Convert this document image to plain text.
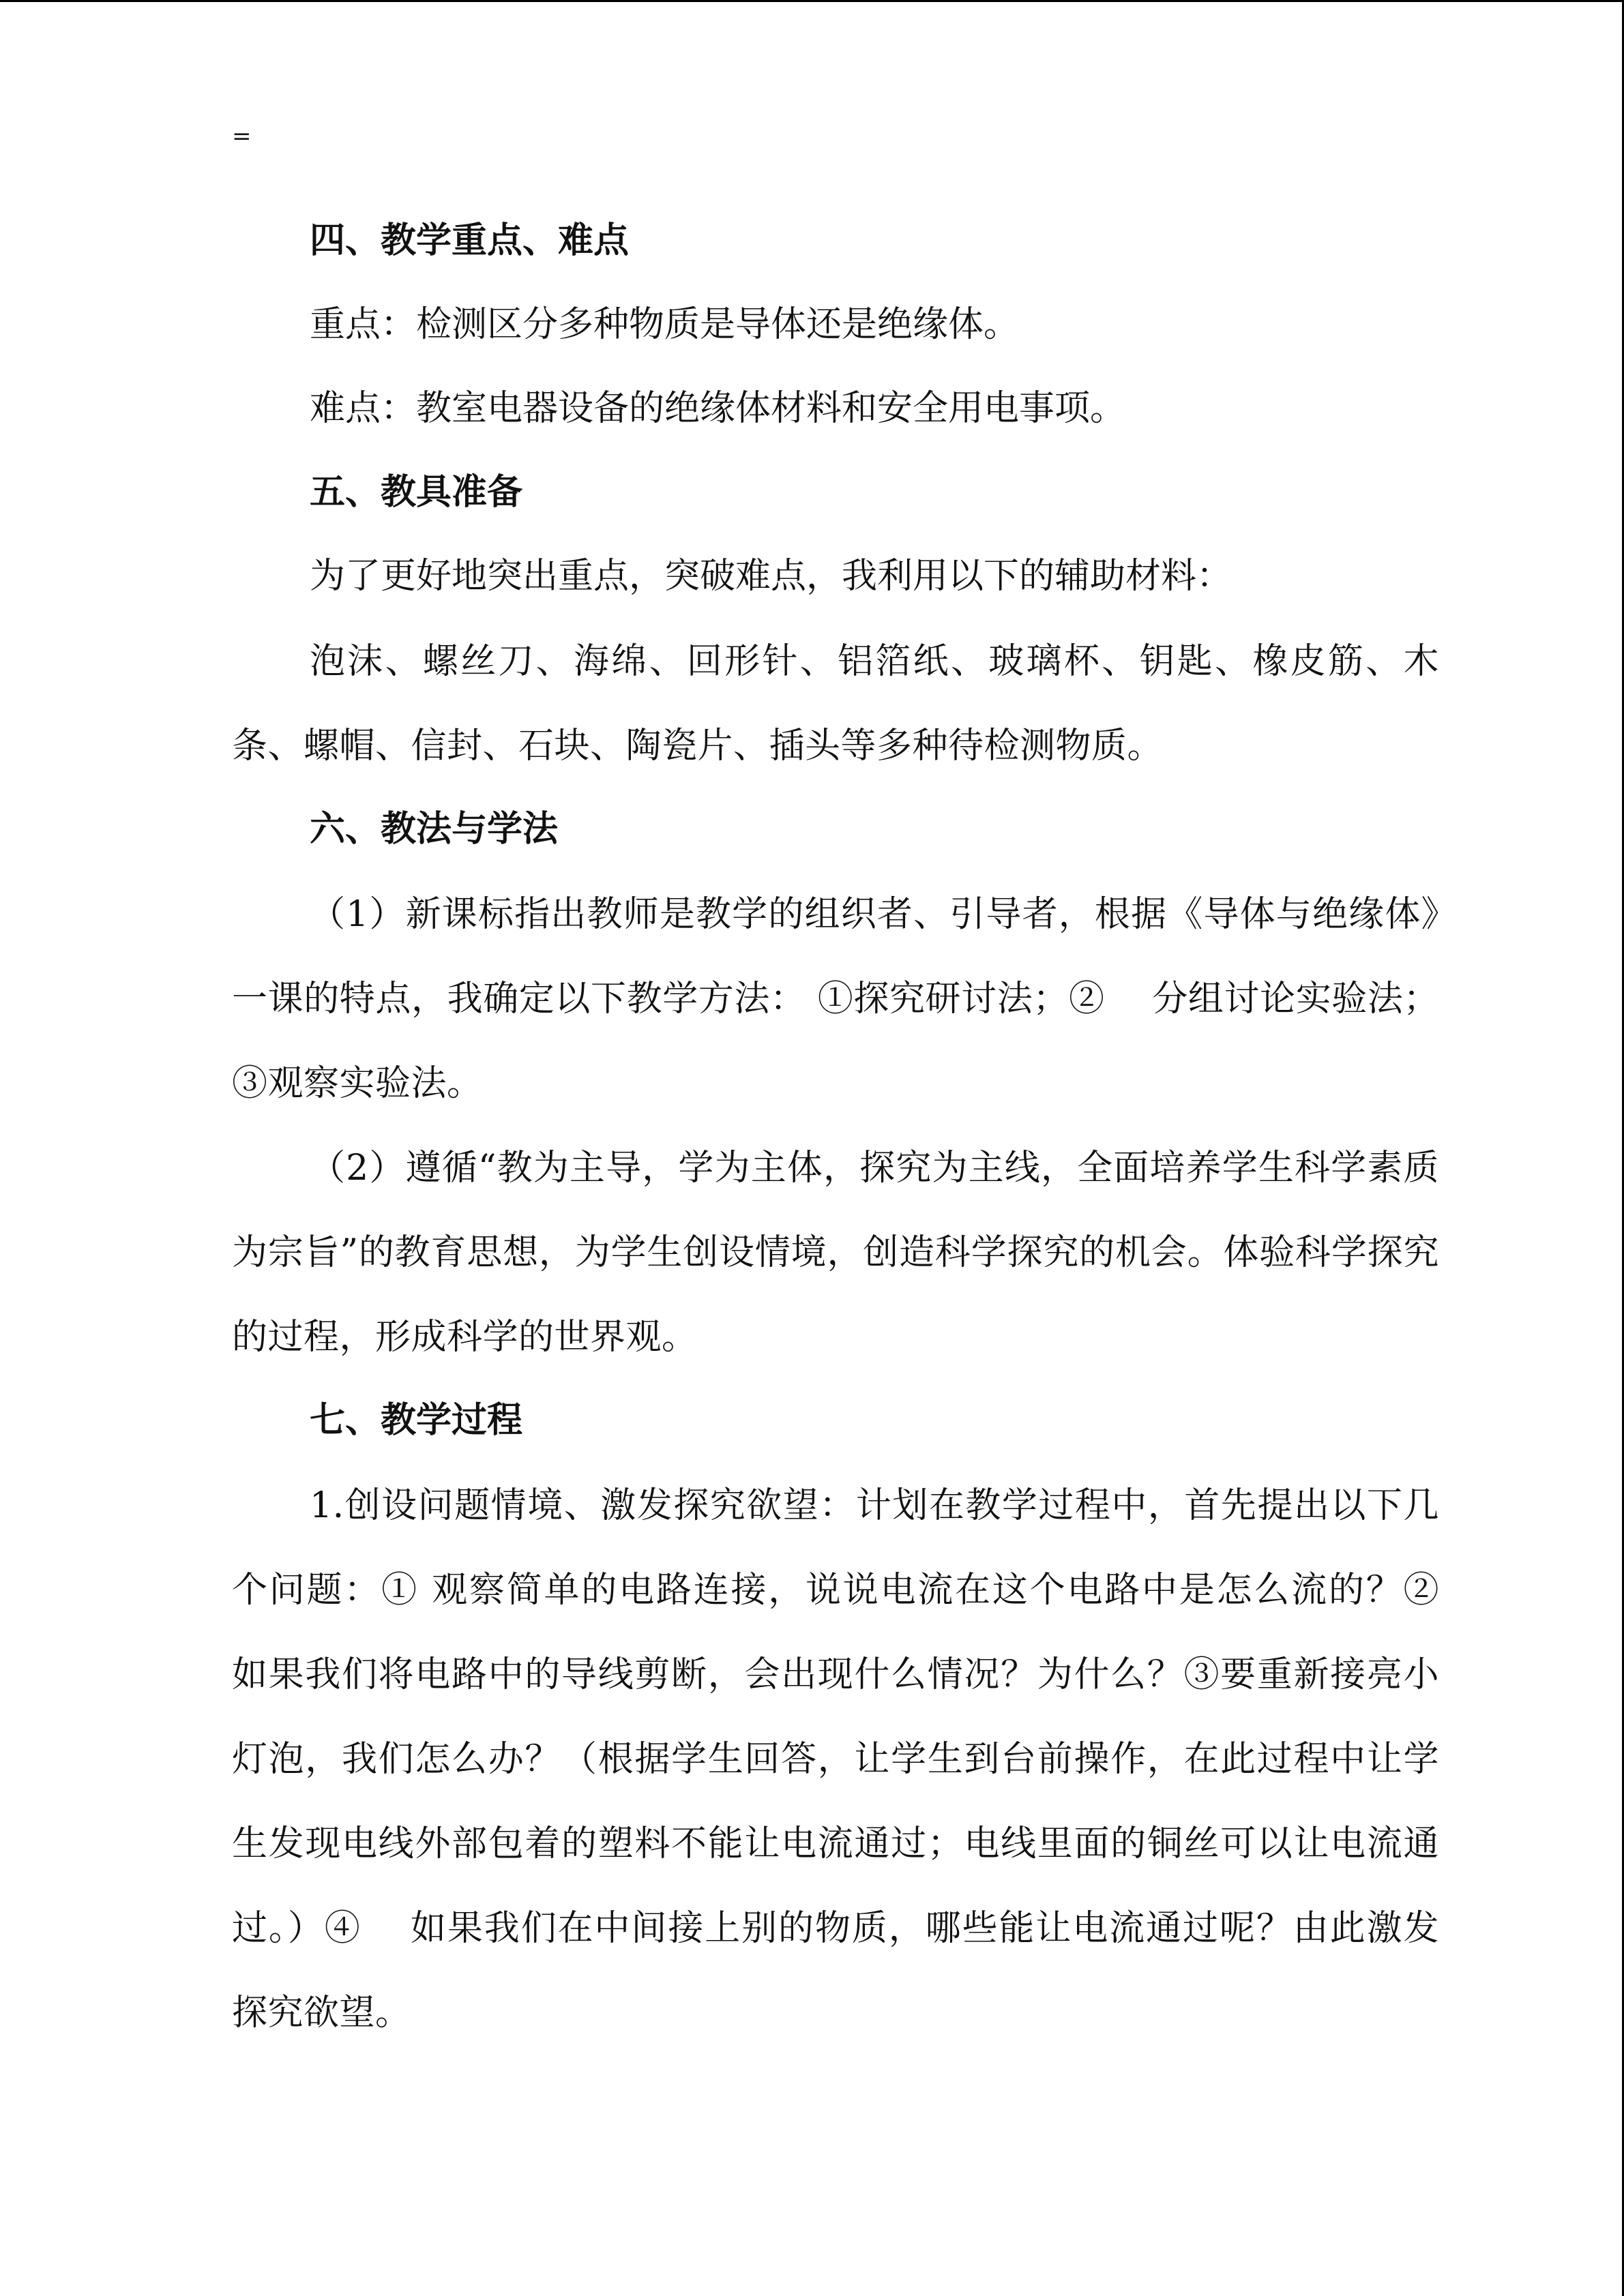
=
四、教学重点、难点
重点：检测区分多种物质是导体还是绝缘体。
难点：教室电器设备的绝缘体材料和安全用电事项。
五、教具准备
为了更好地突出重点，突破难点，我利用以下的辅助材料：

泡沫、螺丝刀、海绵、回形针、铝箔纸、玻璃杯、钥匙、橡皮筋、木条、螺帽、信封、石块、陶瓷片、插头等多种待检测物质。

六、教法与学法

（1）新课标指出教师是教学的组织者、引导者，根据《导体与绝缘体》一课的特点，我确定以下教学方法： ①探究研讨法；②　 分组讨论实验法；③观察实验法。

（2）遵循“教为主导，学为主体，探究为主线，全面培养学生科学素质为宗旨”的教育思想，为学生创设情境，创造科学探究的机会。体验科学探究的过程，形成科学的世界观。

七、教学过程

1.创设问题情境、激发探究欲望：计划在教学过程中，首先提出以下几个问题：① 观察简单的电路连接，说说电流在这个电路中是怎么流的？②　 如果我们将电路中的导线剪断，会出现什么情况？为什么？③要重新接亮小灯泡，我们怎么办？（根据学生回答，让学生到台前操作，在此过程中让学生发现电线外部包着的塑料不能让电流通过；电线里面的铜丝可以让电流通过。）④　 如果我们在中间接上别的物质，哪些能让电流通过呢？由此激发探究欲望。
